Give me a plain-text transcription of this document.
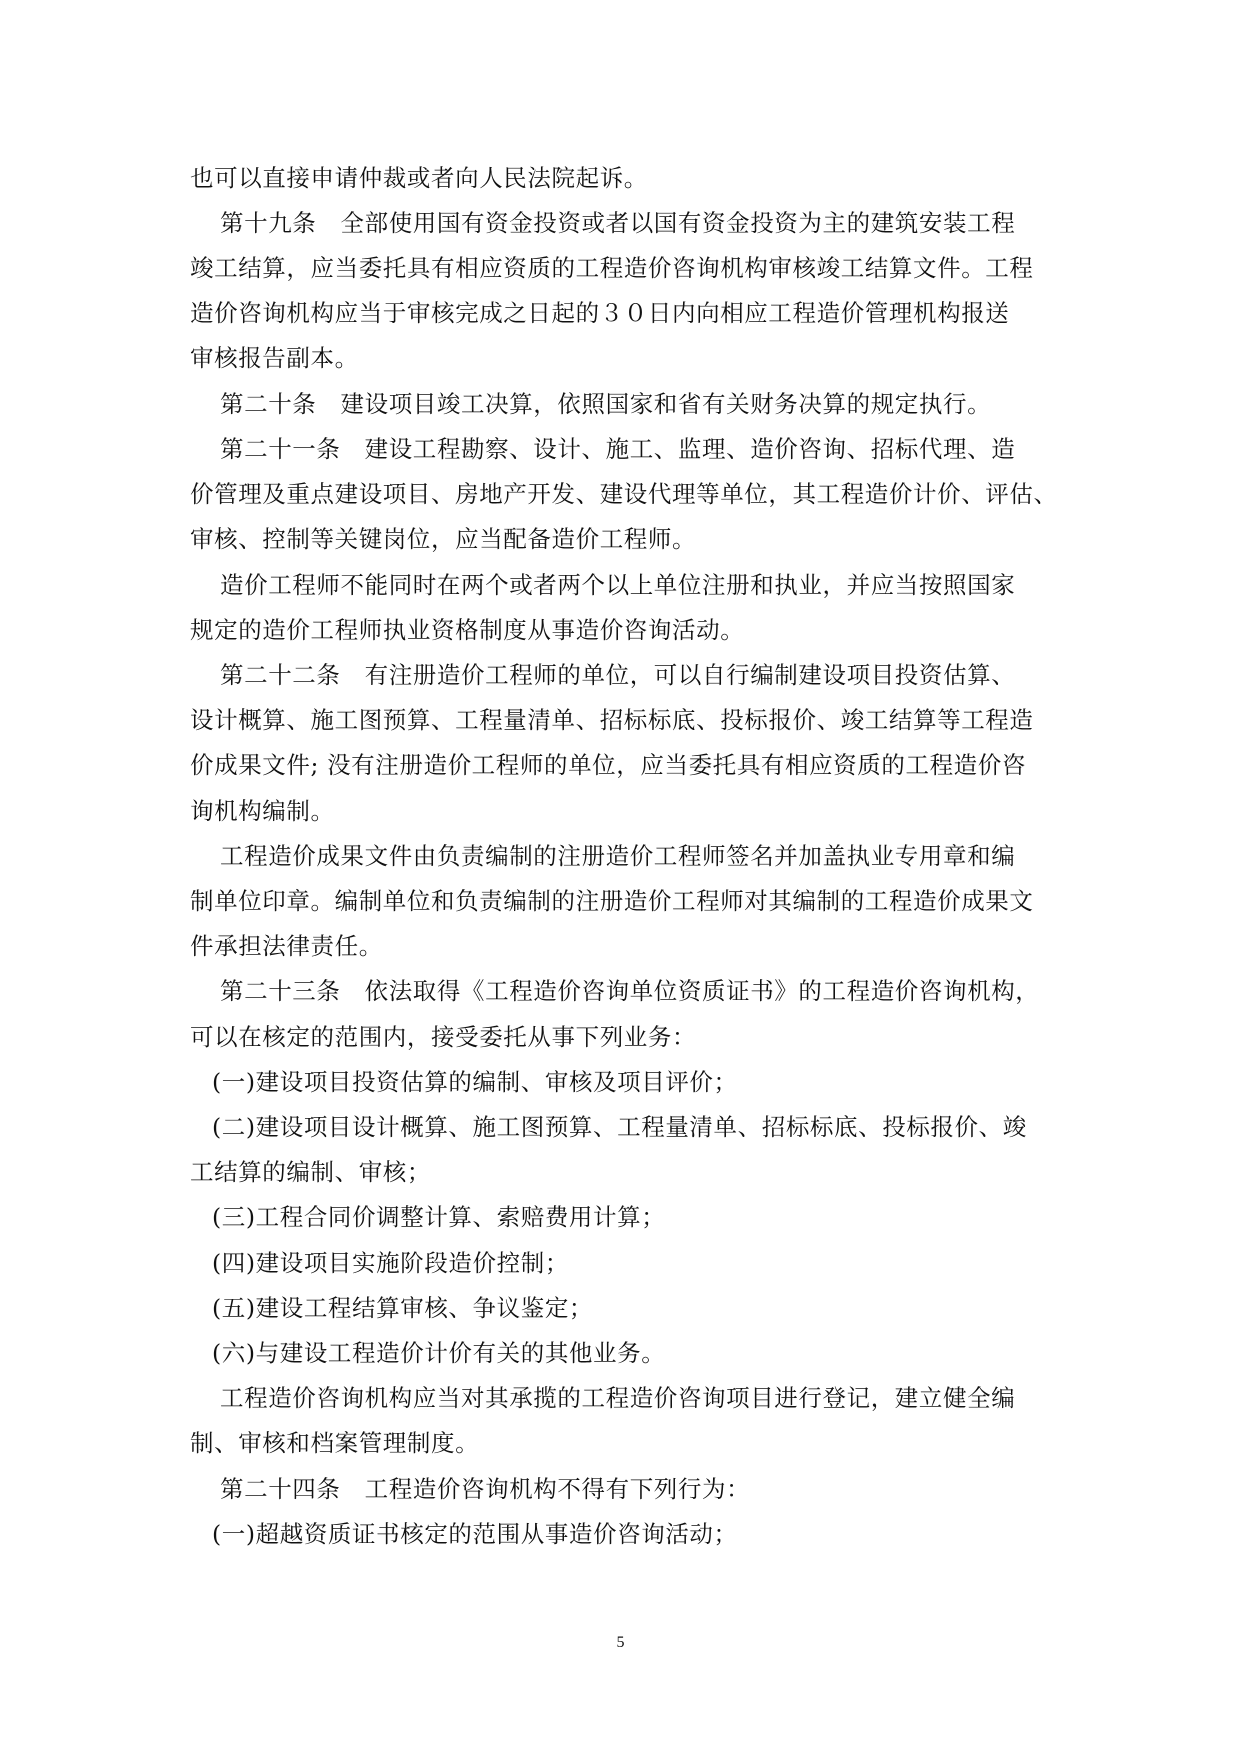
也可以直接申请仲裁或者向人民法院起诉。
第十九条　全部使用国有资金投资或者以国有资金投资为主的建筑安装工程
竣工结算，应当委托具有相应资质的工程造价咨询机构审核竣工结算文件。工程
造价咨询机构应当于审核完成之日起的３０日内向相应工程造价管理机构报送
审核报告副本。
第二十条　建设项目竣工决算，依照国家和省有关财务决算的规定执行。
第二十一条　建设工程勘察、设计、施工、监理、造价咨询、招标代理、造
价管理及重点建设项目、房地产开发、建设代理等单位，其工程造价计价、评估、
审核、控制等关键岗位，应当配备造价工程师。
造价工程师不能同时在两个或者两个以上单位注册和执业，并应当按照国家
规定的造价工程师执业资格制度从事造价咨询活动。
第二十二条　有注册造价工程师的单位，可以自行编制建设项目投资估算、
设计概算、施工图预算、工程量清单、招标标底、投标报价、竣工结算等工程造
价成果文件; 没有注册造价工程师的单位，应当委托具有相应资质的工程造价咨
询机构编制。
工程造价成果文件由负责编制的注册造价工程师签名并加盖执业专用章和编
制单位印章。编制单位和负责编制的注册造价工程师对其编制的工程造价成果文
件承担法律责任。
第二十三条　依法取得《工程造价咨询单位资质证书》的工程造价咨询机构，
可以在核定的范围内，接受委托从事下列业务：
(一)建设项目投资估算的编制、审核及项目评价；
(二)建设项目设计概算、施工图预算、工程量清单、招标标底、投标报价、竣
工结算的编制、审核；
(三)工程合同价调整计算、索赔费用计算；
(四)建设项目实施阶段造价控制；
(五)建设工程结算审核、争议鉴定；
(六)与建设工程造价计价有关的其他业务。
工程造价咨询机构应当对其承揽的工程造价咨询项目进行登记，建立健全编
制、审核和档案管理制度。
第二十四条　工程造价咨询机构不得有下列行为：
(一)超越资质证书核定的范围从事造价咨询活动；
5
